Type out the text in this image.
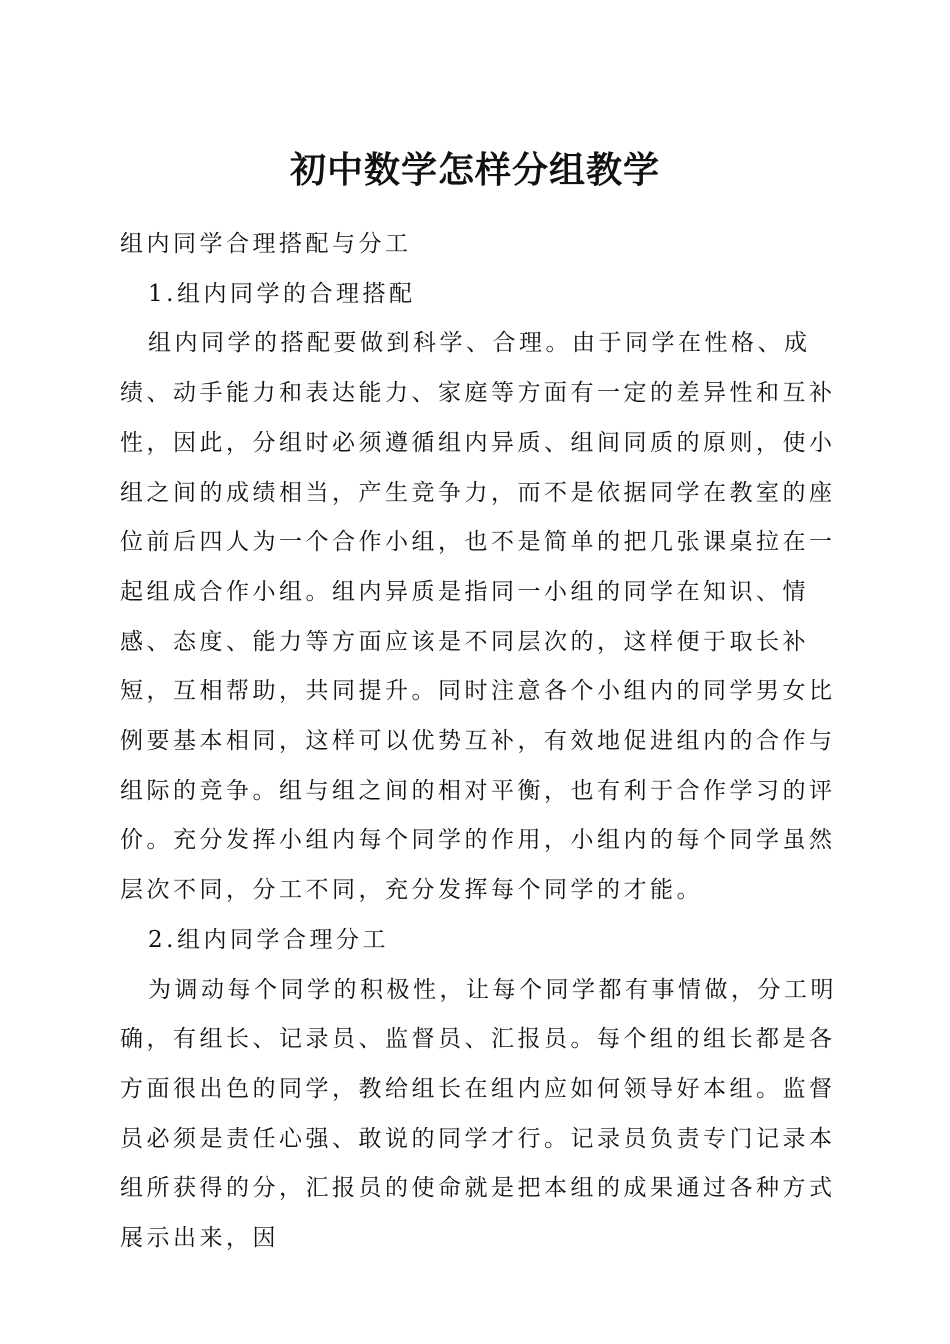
初中数学怎样分组教学

组内同学合理搭配与分工

1.组内同学的合理搭配

组内同学的搭配要做到科学、合理。由于同学在性格、成绩、动手能力和表达能力、家庭等方面有一定的差异性和互补性，因此，分组时必须遵循组内异质、组间同质的原则，使小组之间的成绩相当，产生竞争力，而不是依据同学在教室的座位前后四人为一个合作小组，也不是简单的把几张课桌拉在一起组成合作小组。组内异质是指同一小组的同学在知识、情感、态度、能力等方面应该是不同层次的，这样便于取长补短，互相帮助，共同提升。同时注意各个小组内的同学男女比例要基本相同，这样可以优势互补，有效地促进组内的合作与组际的竞争。组与组之间的相对平衡，也有利于合作学习的评价。充分发挥小组内每个同学的作用，小组内的每个同学虽然层次不同，分工不同，充分发挥每个同学的才能。

2.组内同学合理分工

为调动每个同学的积极性，让每个同学都有事情做，分工明确，有组长、记录员、监督员、汇报员。每个组的组长都是各方面很出色的同学，教给组长在组内应如何领导好本组。监督员必须是责任心强、敢说的同学才行。记录员负责专门记录本组所获得的分，汇报员的使命就是把本组的成果通过各种方式展示出来，因
